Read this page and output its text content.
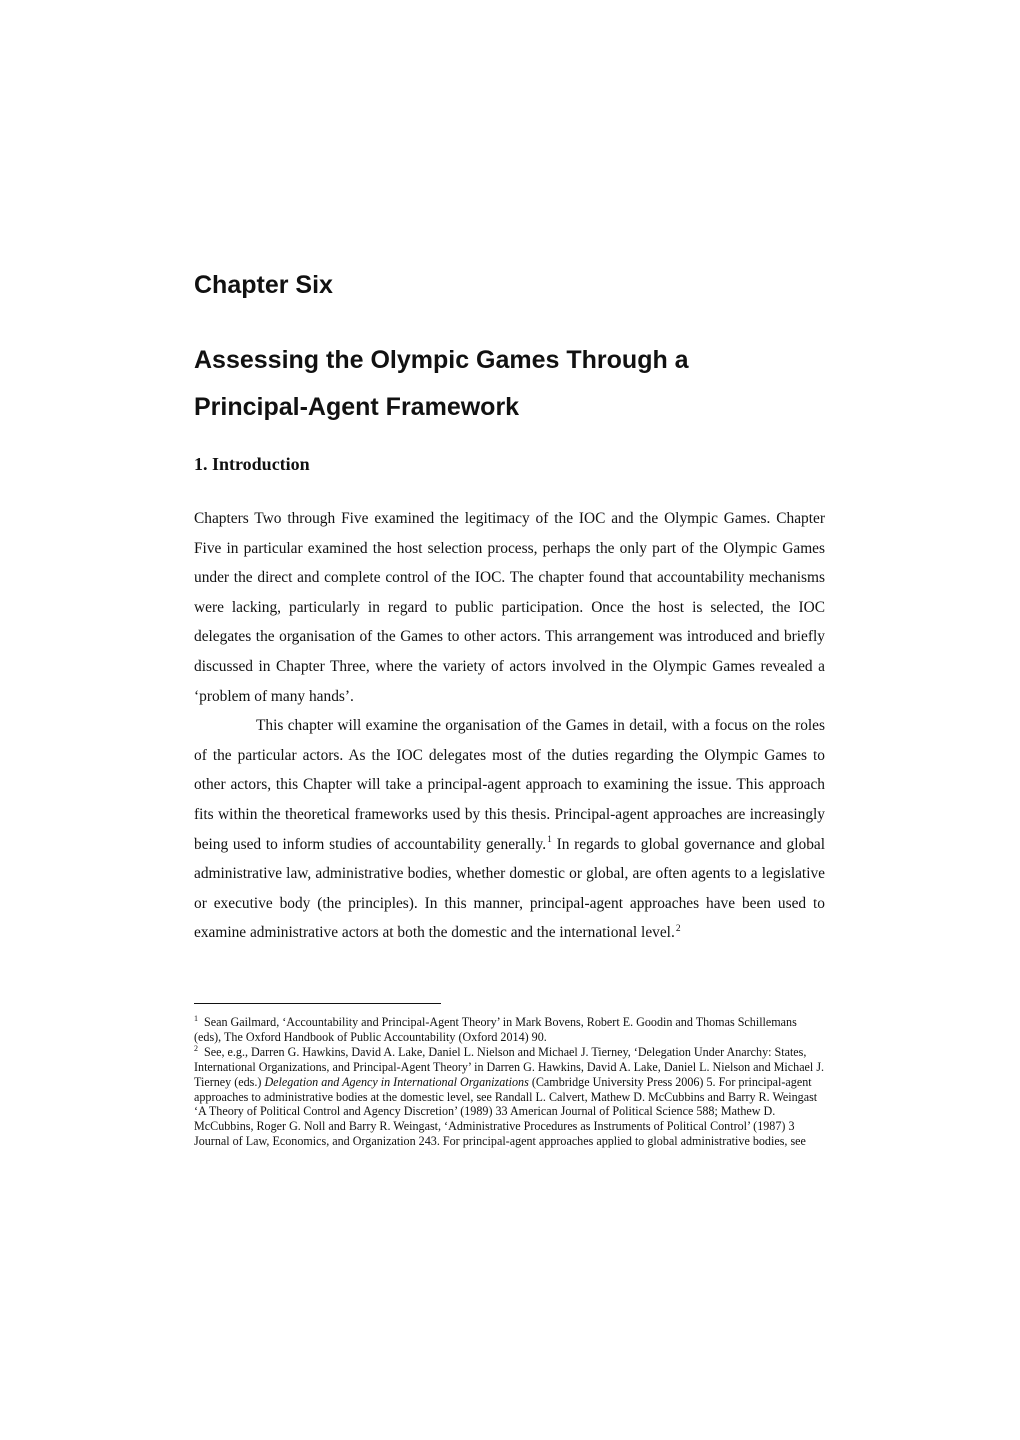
Chapter Six
Assessing the Olympic Games Through a
Principal-Agent Framework
1. Introduction

Chapters Two through Five examined the legitimacy of the IOC and the Olympic Games. Chapter Five in particular examined the host selection process, perhaps the only part of the Olympic Games under the direct and complete control of the IOC. The chapter found that accountability mechanisms were lacking, particularly in regard to public participation. Once the host is selected, the IOC delegates the organisation of the Games to other actors. This arrangement was introduced and briefly discussed in Chapter Three, where the variety of actors involved in the Olympic Games revealed a ‘problem of many hands’.

This chapter will examine the organisation of the Games in detail, with a focus on the roles of the particular actors. As the IOC delegates most of the duties regarding the Olympic Games to other actors, this Chapter will take a principal-agent approach to examining the issue. This approach fits within the theoretical frameworks used by this thesis. Principal-agent approaches are increasingly being used to inform studies of accountability generally.$^1$ In regards to global governance and global administrative law, administrative bodies, whether domestic or global, are often agents to a legislative or executive body (the principles). In this manner, principal-agent approaches have been used to examine administrative actors at both the domestic and the international level.$^2$

$^1$ Sean Gailmard, ‘Accountability and Principal-Agent Theory’ in Mark Bovens, Robert E. Goodin and Thomas Schillemans (eds), The Oxford Handbook of Public Accountability (Oxford 2014) 90.

$^2$ See, e.g., Darren G. Hawkins, David A. Lake, Daniel L. Nielson and Michael J. Tierney, ‘Delegation Under Anarchy: States, International Organizations, and Principal-Agent Theory’ in Darren G. Hawkins, David A. Lake, Daniel L. Nielson and Michael J. Tierney (eds.) Delegation and Agency in International Organizations (Cambridge University Press 2006) 5. For principal-agent approaches to administrative bodies at the domestic level, see Randall L. Calvert, Mathew D. McCubbins and Barry R. Weingast ‘A Theory of Political Control and Agency Discretion’ (1989) 33 American Journal of Political Science 588; Mathew D. McCubbins, Roger G. Noll and Barry R. Weingast, ‘Administrative Procedures as Instruments of Political Control’ (1987) 3 Journal of Law, Economics, and Organization 243. For principal-agent approaches applied to global administrative bodies, see
